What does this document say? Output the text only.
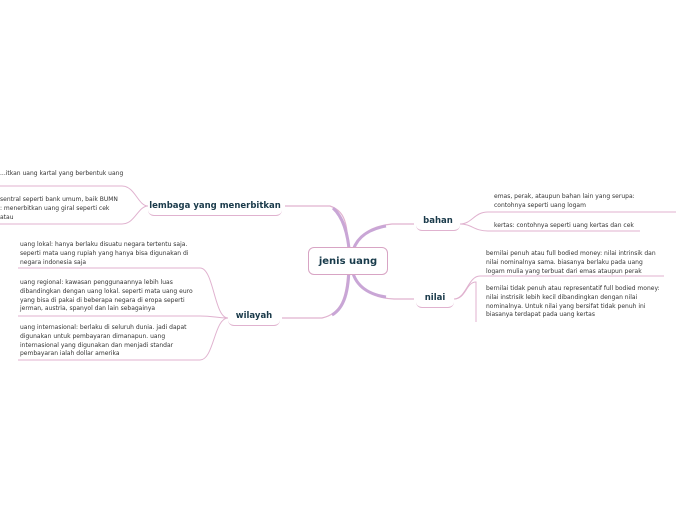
jenis uang
lembaga yang menerbitkan
wilayah
bahan
nilai
...itkan uang kartal yang berbentuk uang
sentral seperti bank umum, baik BUMN
: menerbitkan uang giral seperti cek atau
uang lokal: hanya berlaku disuatu negara tertentu saja. seperti mata uang rupiah yang hanya bisa digunakan di negara indonesia saja
uang regional: kawasan penggunaannya lebih luas dibandingkan dengan uang lokal. seperti mata uang euro yang bisa di pakai di beberapa negara di eropa seperti jerman, austria, spanyol dan lain sebagainya
uang internasional: berlaku di seluruh dunia. jadi dapat digunakan untuk pembayaran dimanapun. uang internasional yang digunakan dan menjadi standar pembayaran ialah dollar amerika
emas, perak, ataupun bahan lain yang serupa: contohnya seperti uang logam
kertas: contohnya seperti uang kertas dan cek
bernilai penuh atau full bodied money: nilai intrinsik dan nilai nominalnya sama. biasanya berlaku pada uang logam mulia yang terbuat dari emas ataupun perak
bernilai tidak penuh atau representatif full bodied money: nilai instrisik lebih kecil dibandingkan dengan nilai nominalnya. Untuk nilai yang bersifat tidak penuh ini biasanya terdapat pada uang kertas
